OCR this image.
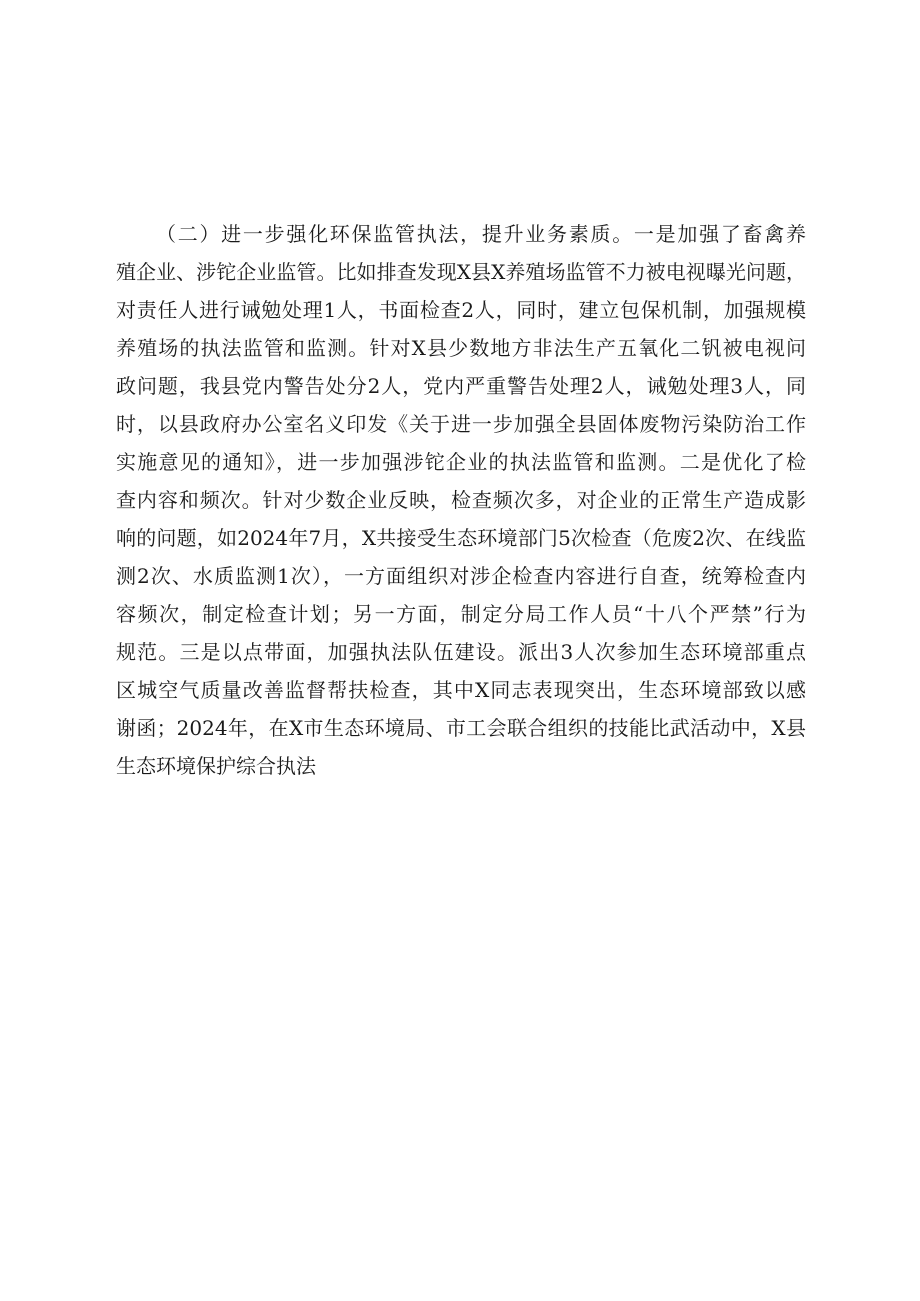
（二）进一步强化环保监管执法，提升业务素质。一是加强了畜禽养
殖企业、涉铊企业监管。比如排查发现X县X养殖场监管不力被电视曝光问题，
对责任人进行诫勉处理1人，书面检查2人，同时，建立包保机制，加强规模
养殖场的执法监管和监测。针对X县少数地方非法生产五氧化二钒被电视问
政问题，我县党内警告处分2人，党内严重警告处理2人，诫勉处理3人，同
时，以县政府办公室名义印发《关于进一步加强全县固体废物污染防治工作
实施意见的通知》，进一步加强涉铊企业的执法监管和监测。二是优化了检
查内容和频次。针对少数企业反映，检查频次多，对企业的正常生产造成影
响的问题，如2024年7月，X共接受生态环境部门5次检查（危废2次、在线监
测2次、水质监测1次），一方面组织对涉企检查内容进行自查，统筹检查内
容频次，制定检查计划；另一方面，制定分局工作人员“十八个严禁”行为
规范。三是以点带面，加强执法队伍建设。派出3人次参加生态环境部重点
区城空气质量改善监督帮扶检查，其中X同志表现突出，生态环境部致以感
谢函；2024年，在X市生态环境局、市工会联合组织的技能比武活动中，X县
生态环境保护综合执法
